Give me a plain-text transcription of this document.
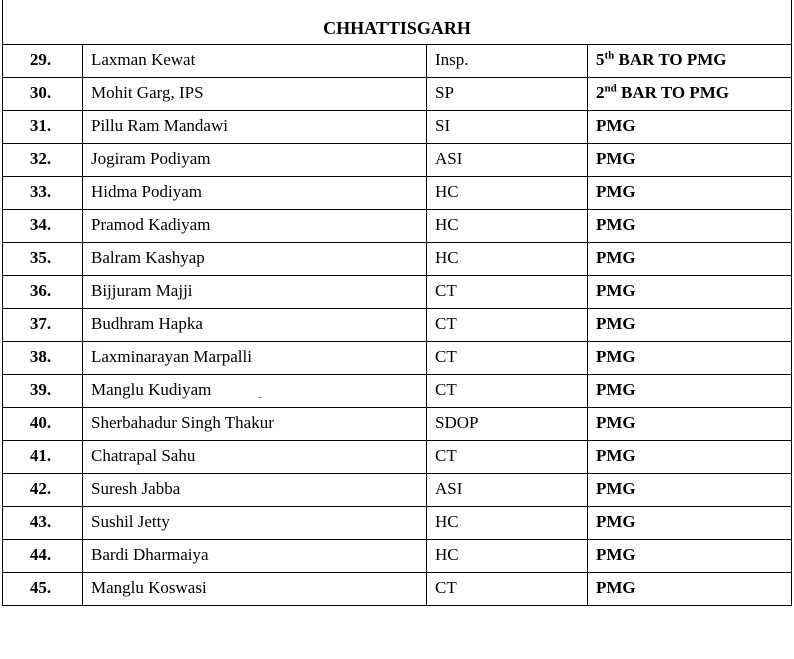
CHHATTISGARH			
29.	Laxman Kewat	Insp.	5th BAR TO PMG
30.	Mohit Garg, IPS	SP	2nd BAR TO PMG
31.	Pillu Ram Mandawi	SI	PMG
32.	Jogiram Podiyam	ASI	PMG
33.	Hidma Podiyam	HC	PMG
34.	Pramod Kadiyam	HC	PMG
35.	Balram Kashyap	HC	PMG
36.	Bijjuram Majji	CT	PMG
37.	Budhram Hapka	CT	PMG
38.	Laxminarayan Marpalli	CT	PMG
39.	Manglu Kudiyam	CT	PMG
40.	Sherbahadur Singh Thakur	SDOP	PMG
41.	Chatrapal Sahu	CT	PMG
42.	Suresh Jabba	ASI	PMG
43.	Sushil Jetty	HC	PMG
44.	Bardi Dharmaiya	HC	PMG
45.	Manglu Koswasi	CT	PMG
